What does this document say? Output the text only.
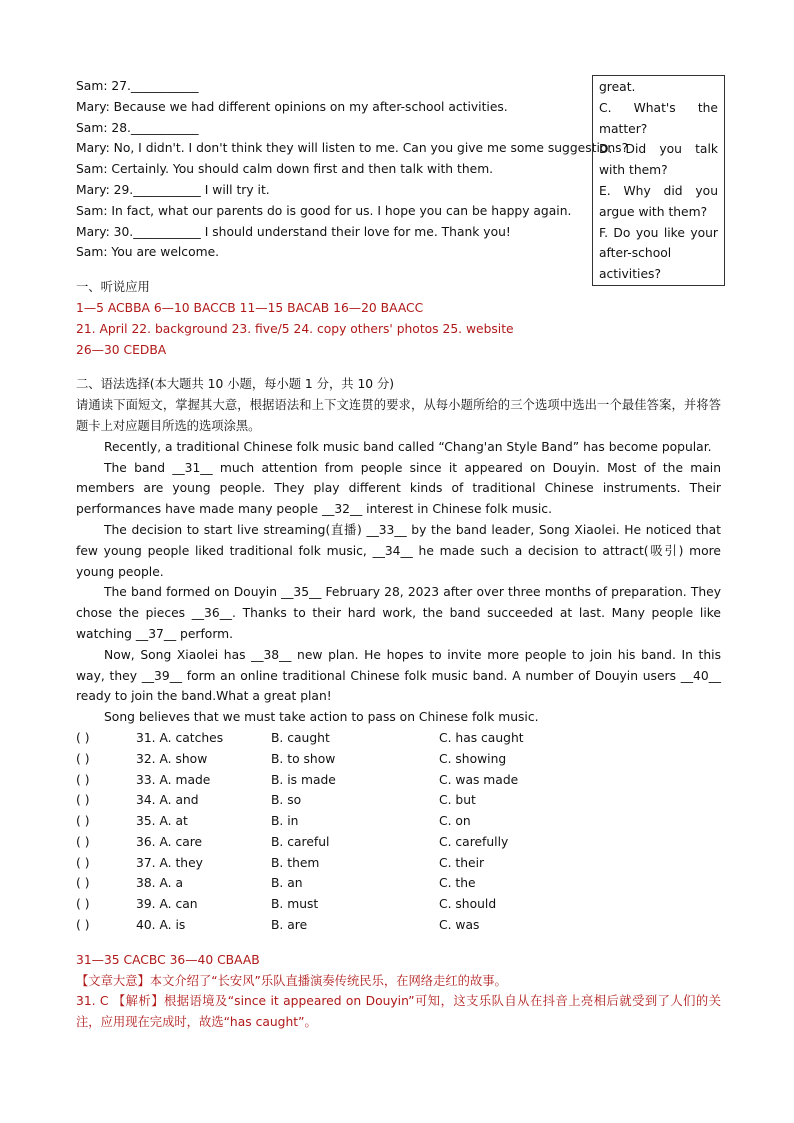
Sam: 27.___________
Mary: Because we had different opinions on my after-school activities.
Sam: 28.___________
Mary: No, I didn't. I don't think they will listen to me. Can you give me some suggestions?
Sam: Certainly. You should calm down first and then talk with them.
Mary: 29.___________ I will try it.
Sam: In fact, what our parents do is good for us. I hope you can be happy again.
Mary: 30.___________ I should understand their love for me. Thank you!
Sam: You are welcome.
一、听说应用
1—5 ACBBA 6—10 BACCB 11—15 BACAB 16—20 BAACC
21. April 22. background 23. five/5 24. copy others' photos 25. website
26—30 CEDBA
二、语法选择(本大题共 10 小题，每小题 1 分，共 10 分)
请通读下面短文，掌握其大意，根据语法和上下文连贯的要求，从每小题所给的三个选项中选出一个最佳答案，并将答题卡上对应题目所选的选项涂黑。
Recently, a traditional Chinese folk music band called “Chang'an Style Band” has become popular.
The band __31__ much attention from people since it appeared on Douyin. Most of the main members are young people. They play different kinds of traditional Chinese instruments. Their performances have made many people __32__ interest in Chinese folk music.
The decision to start live streaming(直播) __33__ by the band leader, Song Xiaolei. He noticed that few young people liked traditional folk music, __34__ he made such a decision to attract(吸引) more young people.
The band formed on Douyin __35__ February 28, 2023 after over three months of preparation. They chose the pieces __36__. Thanks to their hard work, the band succeeded at last. Many people like watching __37__ perform.
Now, Song Xiaolei has __38__ new plan. He hopes to invite more people to join his band. In this way, they __39__ form an online traditional Chinese folk music band. A number of Douyin users __40__ ready to join the band.What a great plan!
Song believes that we must take action to pass on Chinese folk music.
( )	31. A. catches	B. caught	C. has caught
( )	32. A. show	B. to show	C. showing
( )	33. A. made	B. is made	C. was made
( )	34. A. and	B. so	C. but
( )	35. A. at	B. in	C. on
( )	36. A. care	B. careful	C. carefully
( )	37. A. they	B. them	C. their
( )	38. A. a	B. an	C. the
( )	39. A. can	B. must	C. should
( )	40. A. is	B. are	C. was
31—35 CACBC 36—40 CBAAB
【文章大意】本文介绍了“长安风”乐队直播演奏传统民乐，在网络走红的故事。
31. C 【解析】根据语境及“since it appeared on Douyin”可知，这支乐队自从在抖音上亮相后就受到了人们的关注，应用现在完成时，故选“has caught”。
great.
C. What's the matter?
D. Did you talk with them?
E. Why did you argue with them?
F. Do you like your after-school activities?
